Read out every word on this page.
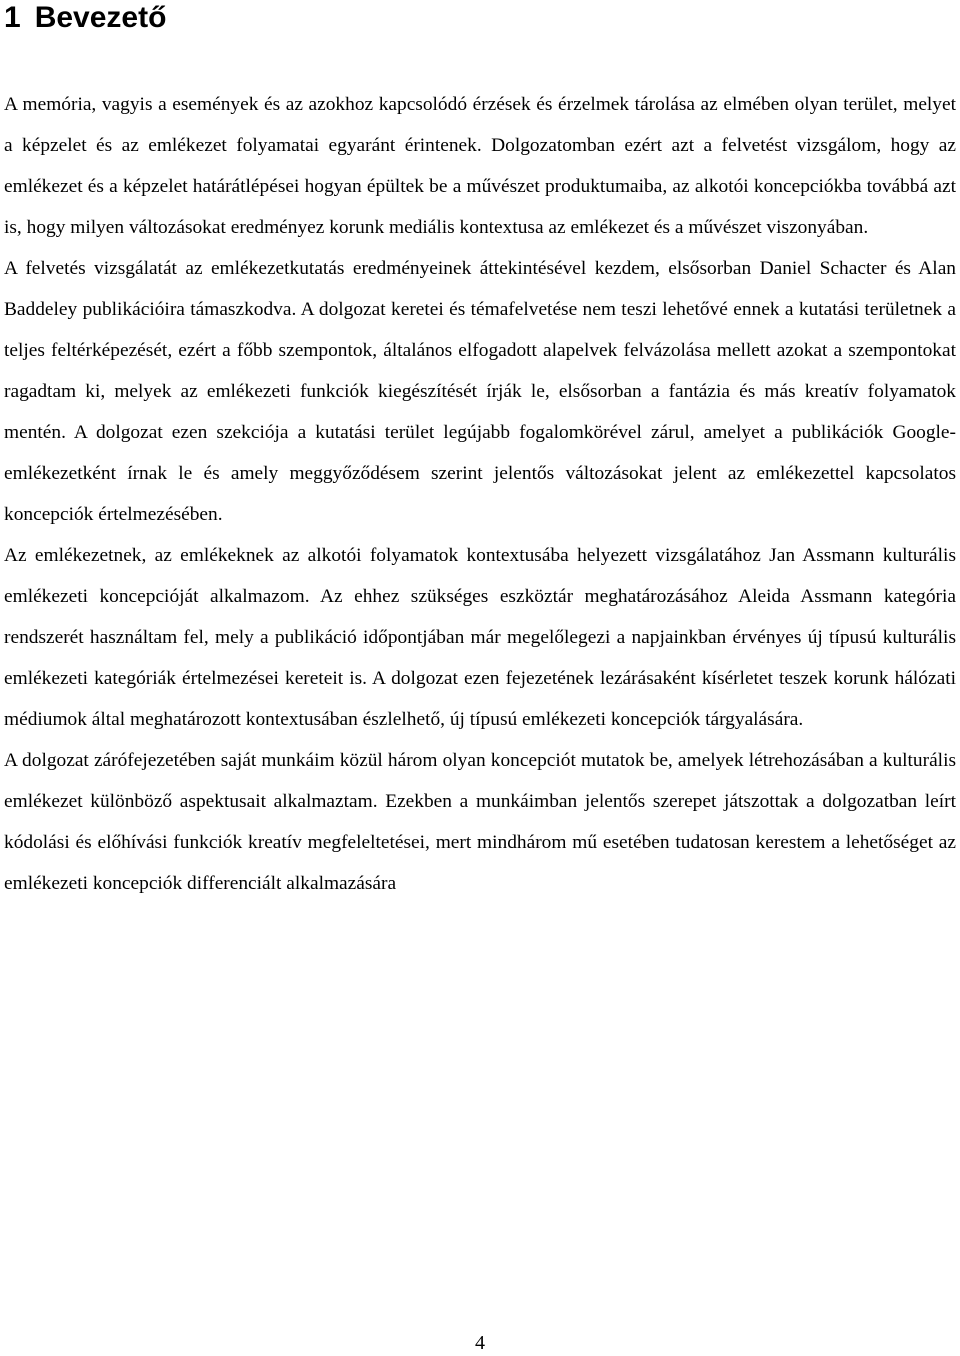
1 Bevezető

A memória, vagyis a események és az azokhoz kapcsolódó érzések és érzelmek tárolása az elmében olyan terület, melyet a képzelet és az emlékezet folyamatai egyaránt érintenek. Dolgozatomban ezért azt a felvetést vizsgálom, hogy az emlékezet és a képzelet határátlépései hogyan épültek be a művészet produktumaiba, az alkotói koncepciókba továbbá azt is, hogy milyen változásokat eredményez korunk mediális kontextusa az emlékezet és a művészet viszonyában.

A felvetés vizsgálatát az emlékezetkutatás eredményeinek áttekintésével kezdem, elsősorban Daniel Schacter és Alan Baddeley publikációira támaszkodva. A dolgozat keretei és témafelvetése nem teszi lehetővé ennek a kutatási területnek a teljes feltérképezését, ezért a főbb szempontok, általános elfogadott alapelvek felvázolása mellett azokat a szempontokat ragadtam ki, melyek az emlékezeti funkciók kiegészítését írják le, elsősorban a fantázia és más kreatív folyamatok mentén. A dolgozat ezen szekciója a kutatási terület legújabb fogalomkörével zárul, amelyet a publikációk Google-emlékezetként írnak le és amely meggyőződésem szerint jelentős változásokat jelent az emlékezettel kapcsolatos koncepciók értelmezésében.

Az emlékezetnek, az emlékeknek az alkotói folyamatok kontextusába helyezett vizsgálatához Jan Assmann kulturális emlékezeti koncepcióját alkalmazom. Az ehhez szükséges eszköztár meghatározásához Aleida Assmann kategória rendszerét használtam fel, mely a publikáció időpontjában már megelőlegezi a napjainkban érvényes új típusú kulturális emlékezeti kategóriák értelmezései kereteit is. A dolgozat ezen fejezetének lezárásaként kísérletet teszek korunk hálózati médiumok által meghatározott kontextusában észlelhető, új típusú emlékezeti koncepciók tárgyalására.

A dolgozat zárófejezetében saját munkáim közül három olyan koncepciót mutatok be, amelyek létrehozásában a kulturális emlékezet különböző aspektusait alkalmaztam. Ezekben a munkáimban jelentős szerepet játszottak a dolgozatban leírt kódolási és előhívási funkciók kreatív megfeleltetései, mert mindhárom mű esetében tudatosan kerestem a lehetőséget az emlékezeti koncepciók differenciált alkalmazására

4
